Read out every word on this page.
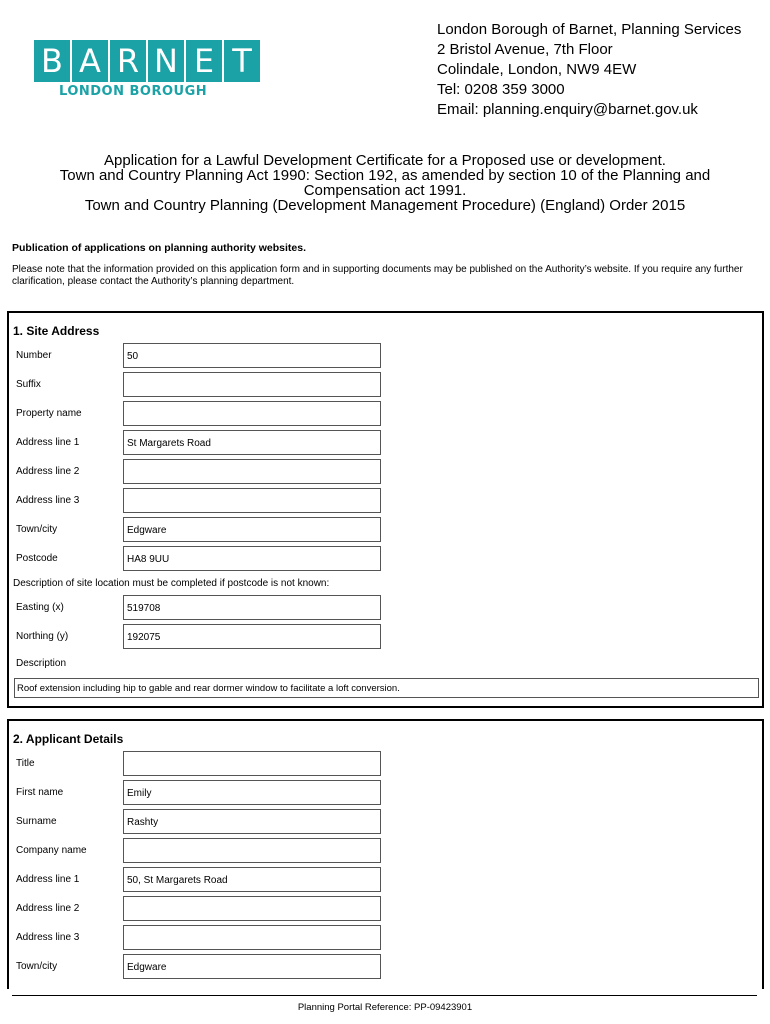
B A R N E T
LONDON BOROUGH
London Borough of Barnet, Planning Services
2 Bristol Avenue, 7th Floor
Colindale, London, NW9 4EW
Tel: 0208 359 3000
Email: planning.enquiry@barnet.gov.uk
Application for a Lawful Development Certificate for a Proposed use or development.
Town and Country Planning Act 1990: Section 192, as amended by section 10 of the Planning and
Compensation act 1991.
Town and Country Planning (Development Management Procedure) (England) Order 2015
Publication of applications on planning authority websites.
Please note that the information provided on this application form and in supporting documents may be published on the Authority’s website. If you require any further clarification, please contact the Authority’s planning department.
1. Site Address
Number	50
Suffix
Property name
Address line 1	St Margarets Road
Address line 2
Address line 3
Town/city	Edgware
Postcode	HA8 9UU
Description of site location must be completed if postcode is not known:
Easting (x)	519708
Northing (y)	192075
Description
Roof extension including hip to gable and rear dormer window to facilitate a loft conversion.
2. Applicant Details
Title
First name	Emily
Surname	Rashty
Company name
Address line 1	50, St Margarets Road
Address line 2
Address line 3
Town/city	Edgware
Planning Portal Reference: PP-09423901
